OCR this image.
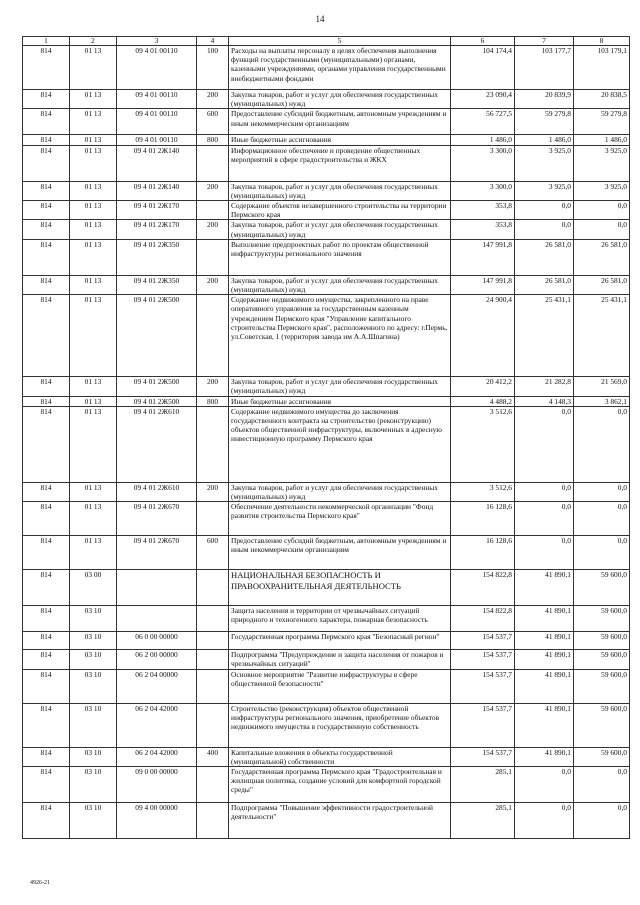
14
1	2	3	4	5	6	7	8
814	01 13	09 4 01 00110	100	Расходы на выплаты персоналу в целях обеспечения выполнения функций государственными (муниципальными) органами, казенными учреждениями, органами управления государственными внебюджетными фондами	104 174,4	103 177,7	103 179,1
814	01 13	09 4 01 00110	200	Закупка товаров, работ и услуг для обеспечения государственных (муниципальных) нужд	23 090,4	20 839,9	20 838,5
814	01 13	09 4 01 00110	600	Предоставление субсидий бюджетным, автономным учреждениям и иным некоммерческим организациям	56 727,5	59 279,8	59 279,8
814	01 13	09 4 01 00110	800	Иные бюджетные ассигнования	1 486,0	1 486,0	1 486,0
814	01 13	09 4 01 2Ж140		Информационное обеспечение и проведение общественных мероприятий в сфере градостроительства и ЖКХ	3 300,0	3 925,0	3 925,0
814	01 13	09 4 01 2Ж140	200	Закупка товаров, работ и услуг для обеспечения государственных (муниципальных) нужд	3 300,0	3 925,0	3 925,0
814	01 13	09 4 01 2Ж170		Содержание объектов незавершенного строительства на территории Пермского края	353,8	0,0	0,0
814	01 13	09 4 01 2Ж170	200	Закупка товаров, работ и услуг для обеспечения государственных (муниципальных) нужд	353,8	0,0	0,0
814	01 13	09 4 01 2Ж350		Выполнение предпроектных работ по проектам общественной инфраструктуры регионального значения	147 991,8	26 581,0	26 581,0
814	01 13	09 4 01 2Ж350	200	Закупка товаров, работ и услуг для обеспечения государственных (муниципальных) нужд	147 991,8	26 581,0	26 581,0
814	01 13	09 4 01 2Ж500		Содержание недвижимого имущества, закрепленного на праве оперативного управления за государственным казенным учреждением Пермского края "Управление капитального строительства Пермского края", расположенного по адресу: г.Пермь, ул.Советская, 1 (территория завода им А.А.Шпагина)	24 900,4	25 431,1	25 431,1
814	01 13	09 4 01 2Ж500	200	Закупка товаров, работ и услуг для обеспечения государственных (муниципальных) нужд	20 412,2	21 282,8	21 569,0
814	01 13	09 4 01 2Ж500	800	Иные бюджетные ассигнования	4 488,2	4 148,3	3 862,1
814	01 13	09 4 01 2Ж610		Содержание недвижимого имущества до заключения государственного контракта на строительство (реконструкцию) объектов общественной инфраструктуры, включенных в адресную инвестиционную программу Пермского края	3 512,6	0,0	0,0
814	01 13	09 4 01 2Ж610	200	Закупка товаров, работ и услуг для обеспечения государственных (муниципальных) нужд	3 512,6	0,0	0,0
814	01 13	09 4 01 2Ж670		Обеспечение деятельности некоммерческой организации "Фонд развития строительства Пермского края"	16 128,6	0,0	0,0
814	01 13	09 4 01 2Ж670	600	Предоставление субсидий бюджетным, автономным учреждениям и иным некоммерческим организациям	16 128,6	0,0	0,0
814	03 00			НАЦИОНАЛЬНАЯ БЕЗОПАСНОСТЬ И ПРАВООХРАНИТЕЛЬНАЯ ДЕЯТЕЛЬНОСТЬ	154 822,8	41 890,1	59 600,0
814	03 10			Защита населения и территории от чрезвычайных ситуаций природного и техногенного характера, пожарная безопасность	154 822,8	41 890,1	59 600,0
814	03 10	06 0 00 00000		Государственная программа Пермского края "Безопасный регион"	154 537,7	41 890,1	59 600,0
814	03 10	06 2 00 00000		Подпрограмма "Предупреждение и защита населения от пожаров и чрезвычайных ситуаций"	154 537,7	41 890,1	59 600,0
814	03 10	06 2 04 00000		Основное мероприятие "Развитие инфраструктуры в сфере общественной безопасности"	154 537,7	41 890,1	59 600,0
814	03 10	06 2 04 42000		Строительство (реконструкция) объектов общественной инфраструктуры регионального значения, приобретение объектов недвижимого имущества в государственную собственность	154 537,7	41 890,1	59 600,0
814	03 10	06 2 04 42000	400	Капитальные вложения в объекты государственной (муниципальной) собственности	154 537,7	41 890,1	59 600,0
814	03 10	09 0 00 00000		Государственная программа Пермского края "Градостроительная и жилищная политика, создание условий для комфортной городской среды"	285,1	0,0	0,0
814	03 10	09 4 00 00000		Подпрограмма "Повышение эффективности градостроительной деятельности"	285,1	0,0	0,0
4926-21
